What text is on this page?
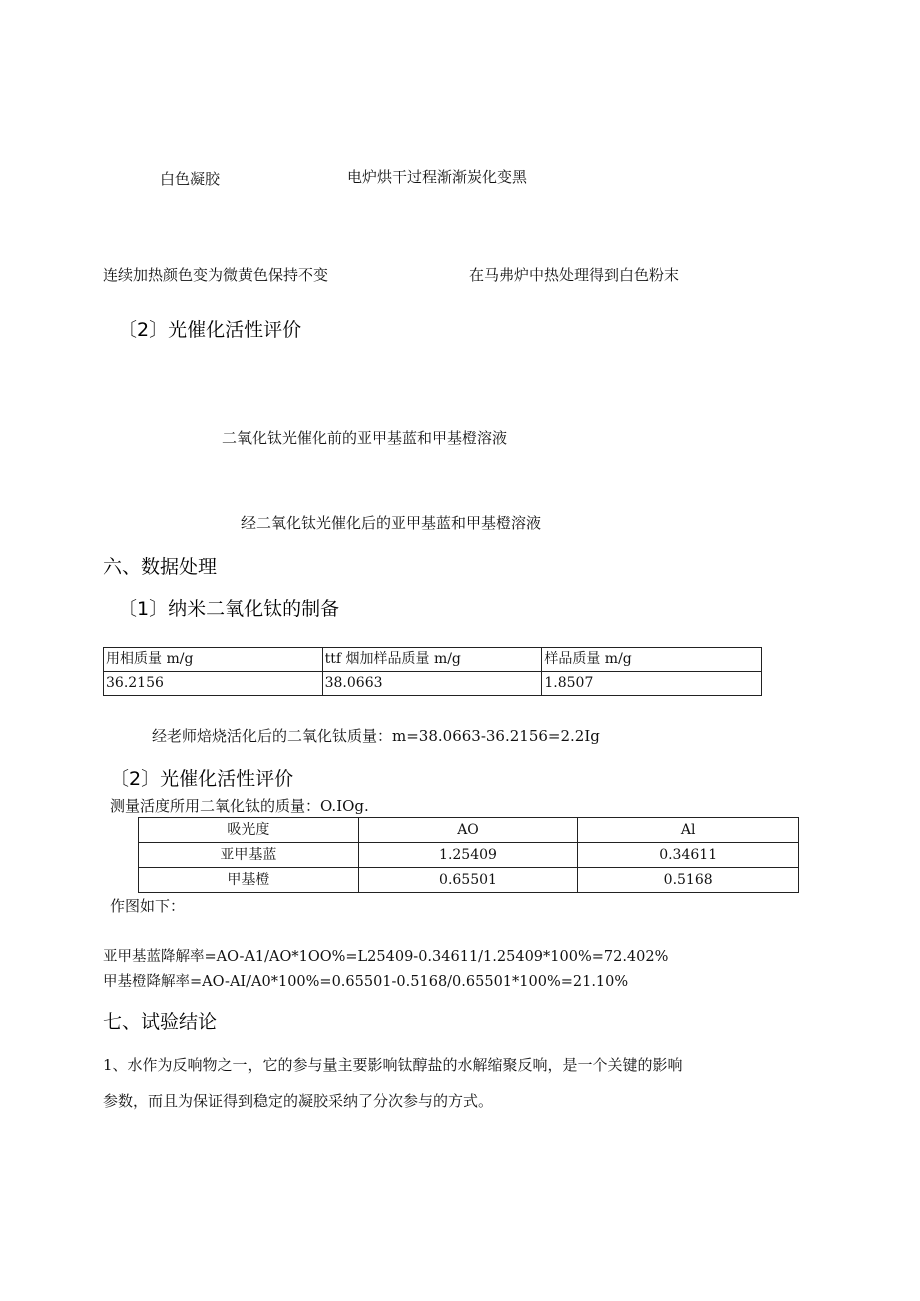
白色凝胶	电炉烘干过程渐渐炭化变黑
连续加热颜色变为微黄色保持不变	在马弗炉中热处理得到白色粉末
〔2〕光催化活性评价
二氧化钛光催化前的亚甲基蓝和甲基橙溶液
经二氧化钛光催化后的亚甲基蓝和甲基橙溶液
六、数据处理
〔1〕纳米二氧化钛的制备
用相质量 m/g	ttf 烟加样品质量 m/g	样品质量 m/g
36.2156	38.0663	1.8507
经老师焙烧活化后的二氧化钛质量：m=38.0663-36.2156=2.2Ig
〔2〕光催化活性评价
测量活度所用二氧化钛的质量：O.IOg.
吸光度	AO	Al
亚甲基蓝	1.25409	0.34611
甲基橙	0.65501	0.5168
作图如下：
亚甲基蓝降解率=AO-A1/AO*1OO%=L25409-0.34611/1.25409*100%=72.402%
甲基橙降解率=AO-AI/A0*100%=0.65501-0.5168/0.65501*100%=21.10%
七、试验结论
1、水作为反响物之一，它的参与量主要影响钛醇盐的水解缩聚反响，是一个关键的影响
参数，而且为保证得到稳定的凝胶采纳了分次参与的方式。
